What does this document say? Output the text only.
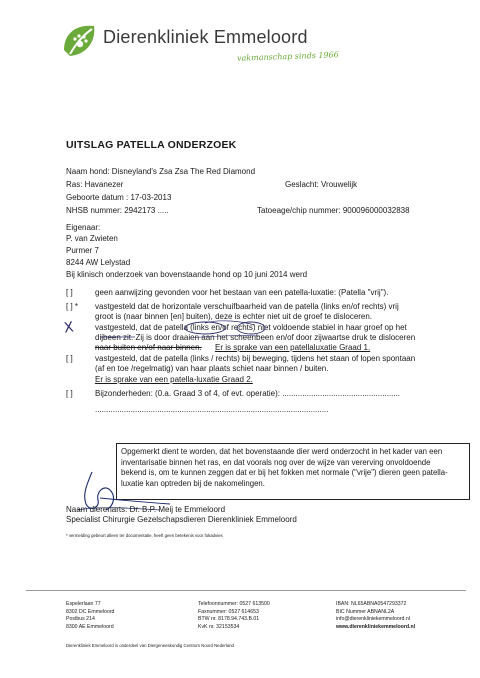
Dierenkliniek Emmeloord
vakmanschap sinds 1966
UITSLAG PATELLA ONDERZOEK
Naam hond: Disneyland's Zsa Zsa The Red Diamond
Ras: Havanezer	Geslacht: Vrouwelijk
Geboorte datum : 17-03-2013
NHSB nummer: 2942173 .....	Tatoeage/chip nummer: 900096000032838
Eigenaar:
P. van Zwieten
Purmer 7
8244 AW Lelystad
Bij klinisch onderzoek van bovenstaande hond op 10 juni 2014 werd
[ ]	geen aanwijzing gevonden voor het bestaan van een patella-luxatie: (Patella "vrij").
[ ] * vastgesteld dat de horizontale verschuifbaarheid van de patella (links en/of rechts) vrij
groot is (naar binnen [en] buiten), deze is echter niet uit de groef te disloceren.
X	vastgesteld, dat de patella (links en/of rechts) niet voldoende stabiel in haar groef op het
dijbeen zit. Zij is door draaien aan het scheenbeen en/of door zijwaartse druk te disloceren
naar buiten en/of naar binnen. Er is sprake van een patellaluxatie Graad 1.
[ ]	vastgesteld, dat de patella (links / rechts) bij beweging, tijdens het staan of lopen spontaan
(af en toe /regelmatig) van haar plaats schiet naar binnen / buiten.
Er is sprake van een patella-luxatie Graad 2.
[ ]	Bijzonderheden: (0.a. Graad 3 of 4, of evt. operatie): .....................................................
.........................................................................................................
Opgemerkt dient te worden, dat het bovenstaande dier werd onderzocht in het kader van een
inventarisatie binnen het ras, en dat voorals nog over de wijze van vererving onvoldoende
bekend is, om te kunnen zeggen dat er bij het fokken met normale ("vrije") dieren geen patella-
luxatie kan optreden bij de nakomelingen.
Naam dierenarts: Dr. B.P. Meij te Emmeloord
Specialist Chirurgie Gezelschapsdieren Dierenkliniek Emmeloord
* vermelding gebeurt alleen ter documentatie, heeft geen betekenis voor fokadvies
Espelerlaan 77
8302 DC Emmeloord
Postbus 214
8300 AE Emmeloord
Telefoonnummer: 0527 613500
Faxnummer: 0527 614653
BTW nr. 8178.94.743.B.01
KvK nr. 32153534
IBAN: NL65ABNA0547293372
BIC Nummer ABNANL2A
info@dierenkliniekemmeloord.nl
www.dierenkliniekemmeloord.nl
Dierenkliniek Emmeloord is onderdeel van Diergeneeskundig Centrum Noord Nederland
